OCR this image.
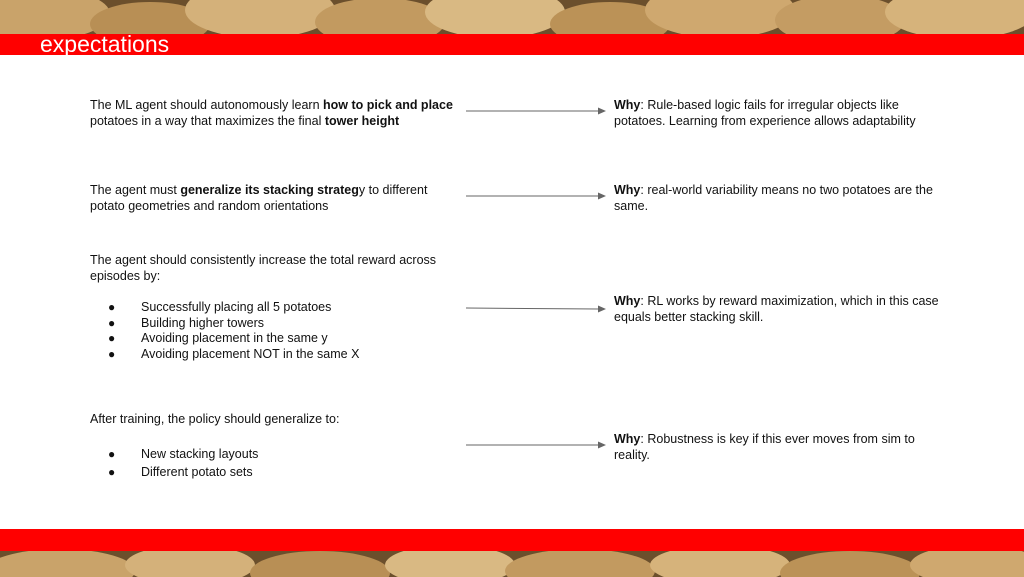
expectations

The ML agent should autonomously learn how to pick and place potatoes in a way that maximizes the final tower height

Why: Rule-based logic fails for irregular objects like potatoes. Learning from experience allows adaptability

The agent must generalize its stacking strategy to different potato geometries and random orientations

Why: real-world variability means no two potatoes are the same.

The agent should consistently increase the total reward across episodes by:

● Successfully placing all 5 potatoes
● Building higher towers
● Avoiding placement in the same y
● Avoiding placement NOT in the same X

Why: RL works by reward maximization, which in this case equals better stacking skill.

After training, the policy should generalize to:

● New stacking layouts
● Different potato sets

Why: Robustness is key if this ever moves from sim to reality.
